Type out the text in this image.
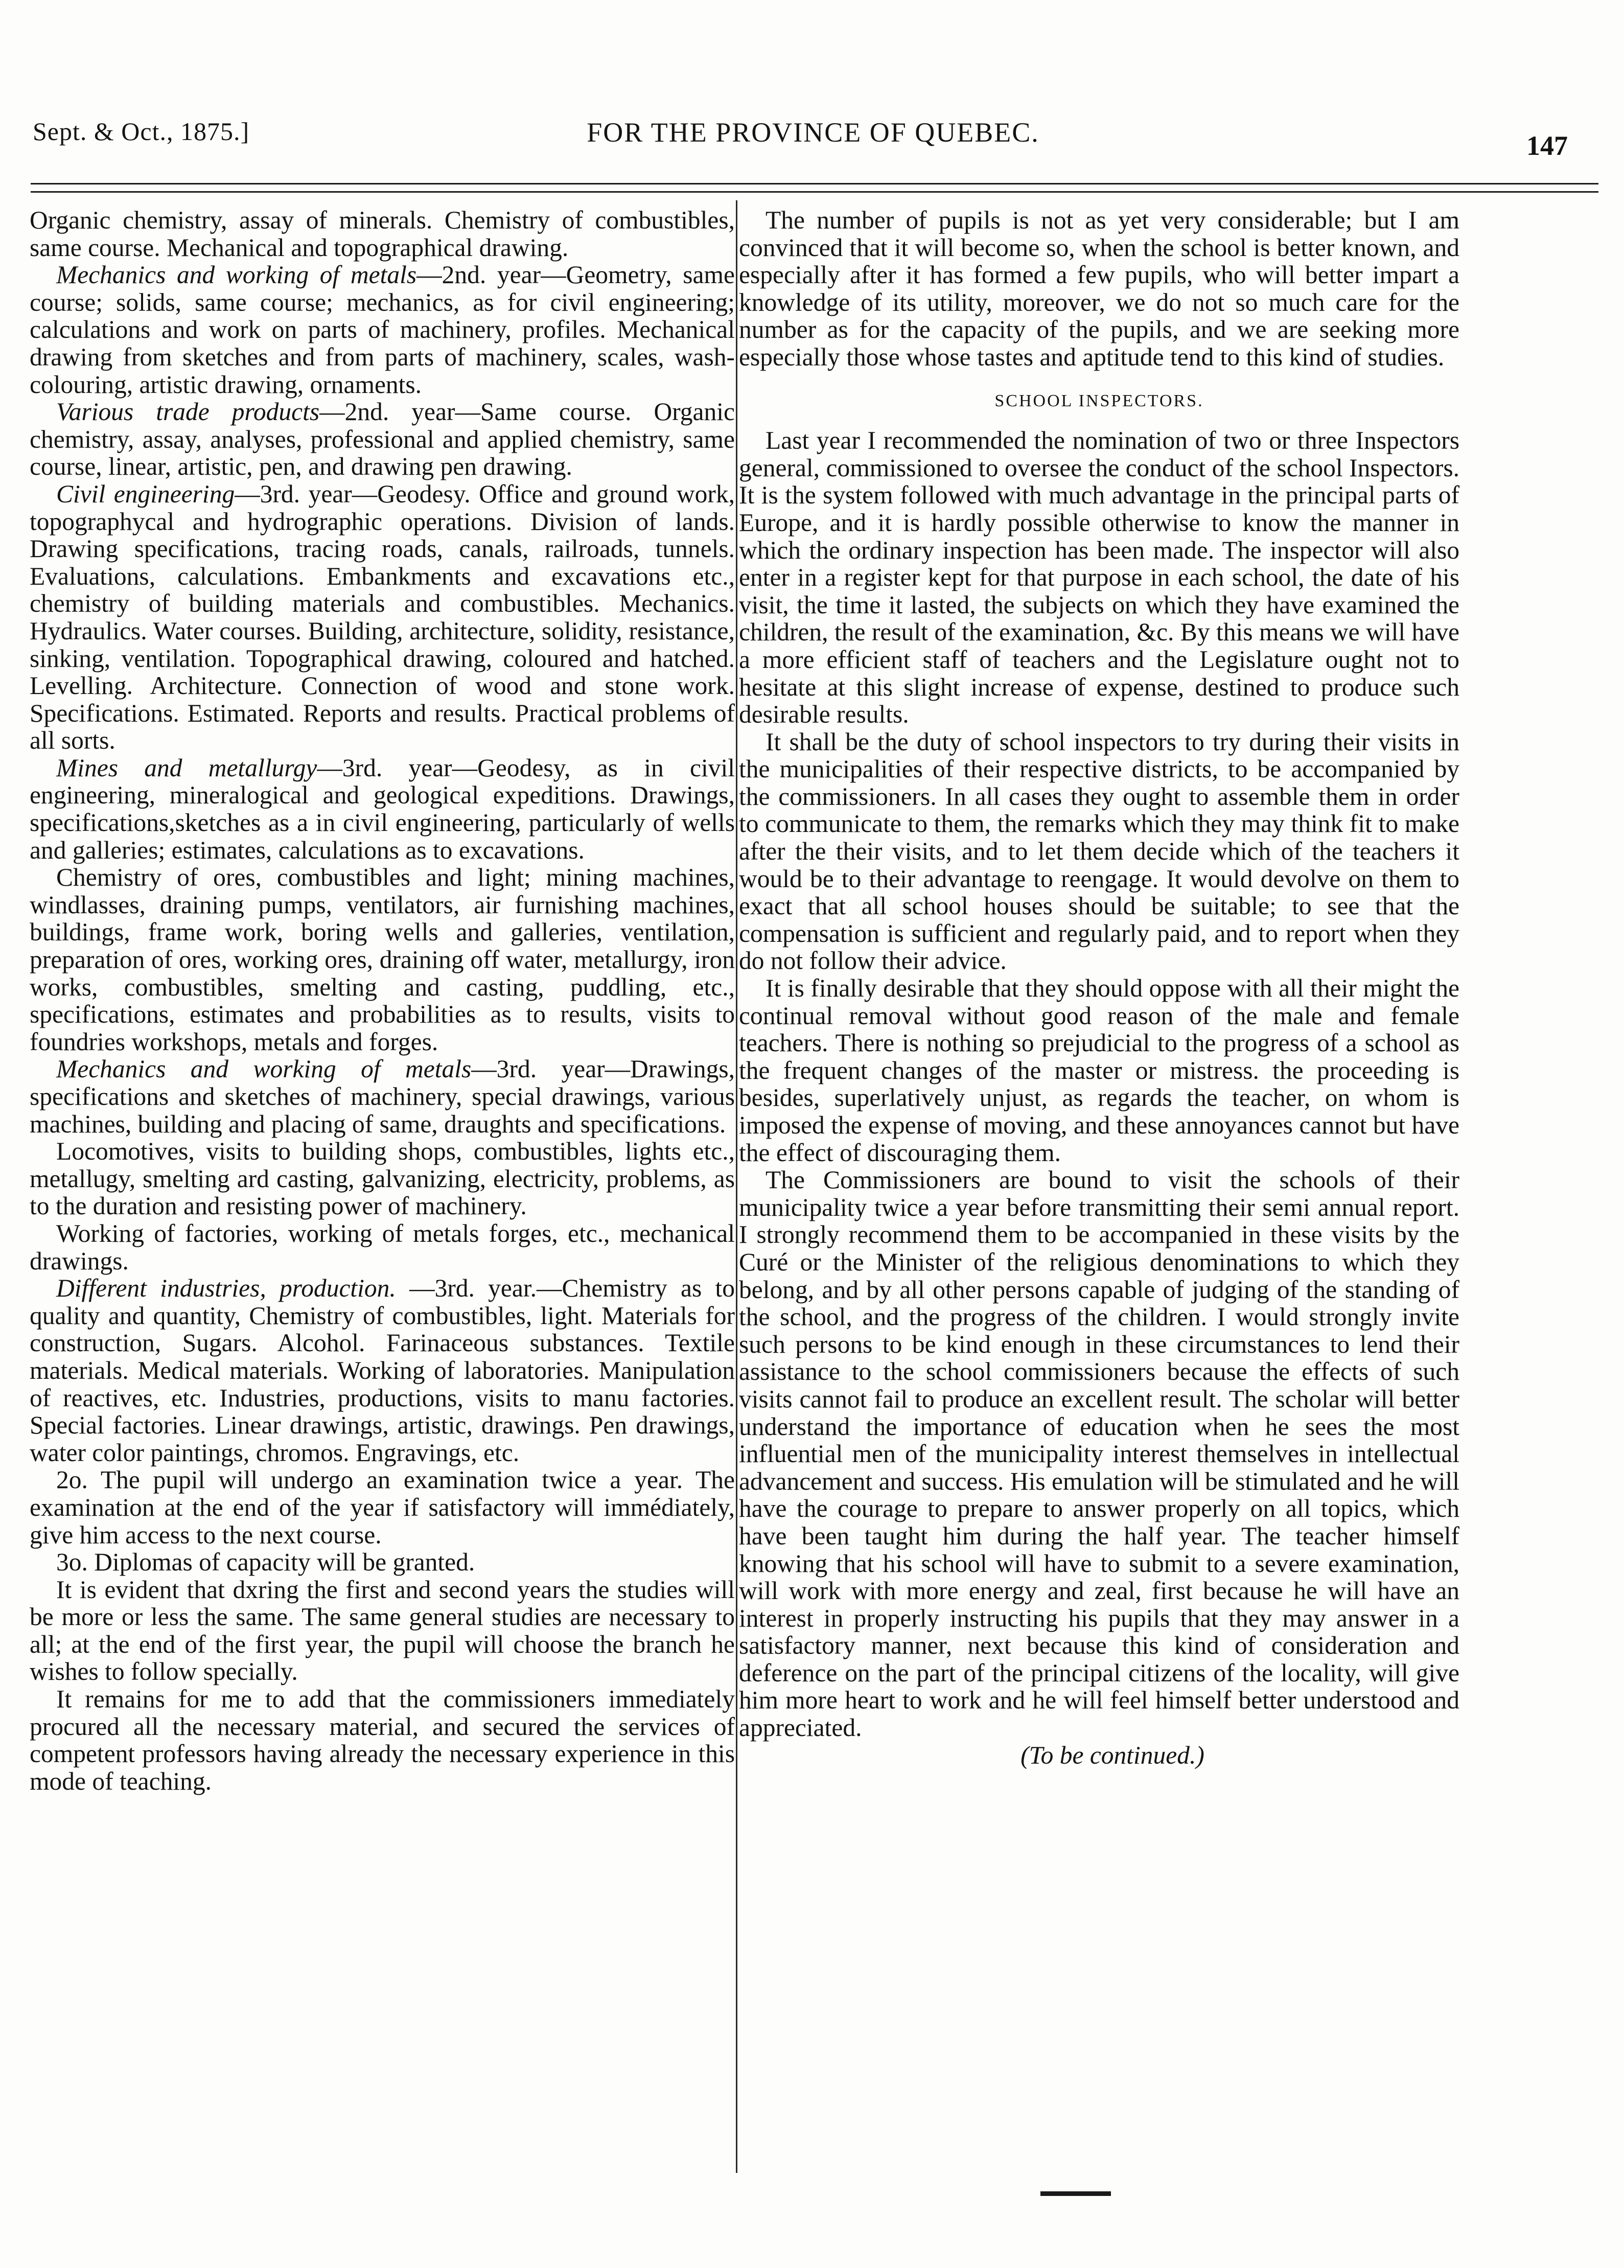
Sept. & Oct., 1875.]	FOR THE PROVINCE OF QUEBEC.	147

Organic chemistry, assay of minerals. Chemistry of combustibles, same course. Mechanical and topographical drawing.

Mechanics and working of metals—2nd. year—Geometry, same course; solids, same course; mechanics, as for civil engineering; calculations and work on parts of machinery, profiles. Mechanical drawing from sketches and from parts of machinery, scales, wash-colouring, artistic drawing, ornaments.

Various trade products—2nd. year—Same course. Organic chemistry, assay, analyses, professional and applied chemistry, same course, linear, artistic, pen, and drawing pen drawing.

Civil engineering—3rd. year—Geodesy. Office and ground work, topographycal and hydrographic operations. Division of lands. Drawing specifications, tracing roads, canals, railroads, tunnels. Evaluations, calculations. Embankments and excavations etc., chemistry of building materials and combustibles. Mechanics. Hydraulics. Water courses. Building, architecture, solidity, resistance, sinking, ventilation. Topographical drawing, coloured and hatched. Levelling. Architecture. Connection of wood and stone work. Specifications. Estimated. Reports and results. Practical problems of all sorts.

Mines and metallurgy—3rd. year—Geodesy, as in civil engineering, mineralogical and geological expeditions. Drawings, specifications,sketches as a in civil engineering, particularly of wells and galleries; estimates, calculations as to excavations.

Chemistry of ores, combustibles and light; mining machines, windlasses, draining pumps, ventilators, air furnishing machines, buildings, frame work, boring wells and galleries, ventilation, preparation of ores, working ores, draining off water, metallurgy, iron works, combustibles, smelting and casting, puddling, etc., specifications, estimates and probabilities as to results, visits to foundries workshops, metals and forges.

Mechanics and working of metals—3rd. year—Drawings, specifications and sketches of machinery, special drawings, various machines, building and placing of same, draughts and specifications.

Locomotives, visits to building shops, combustibles, lights etc., metallugy, smelting ard casting, galvanizing, electricity, problems, as to the duration and resisting power of machinery.

Working of factories, working of metals forges, etc., mechanical drawings.

Different industries, production. —3rd. year.—Chemistry as to quality and quantity, Chemistry of combustibles, light. Materials for construction, Sugars. Alcohol. Farinaceous substances. Textile materials. Medical materials. Working of laboratories. Manipulation of reactives, etc. Industries, productions, visits to manu factories. Special factories. Linear drawings, artistic, drawings. Pen drawings, water color paintings, chromos. Engravings, etc.

2o. The pupil will undergo an examination twice a year. The examination at the end of the year if satisfactory will immédiately, give him access to the next course.

3o. Diplomas of capacity will be granted.

It is evident that dxring the first and second years the studies will be more or less the same. The same general studies are necessary to all; at the end of the first year, the pupil will choose the branch he wishes to follow specially.

It remains for me to add that the commissioners immediately procured all the necessary material, and secured the services of competent professors having already the necessary experience in this mode of teaching.

The number of pupils is not as yet very considerable; but I am convinced that it will become so, when the school is better known, and especially after it has formed a few pupils, who will better impart a knowledge of its utility, moreover, we do not so much care for the number as for the capacity of the pupils, and we are seeking more especially those whose tastes and aptitude tend to this kind of studies.

SCHOOL INSPECTORS.

Last year I recommended the nomination of two or three Inspectors general, commissioned to oversee the conduct of the school Inspectors. It is the system followed with much advantage in the principal parts of Europe, and it is hardly possible otherwise to know the manner in which the ordinary inspection has been made. The inspector will also enter in a register kept for that purpose in each school, the date of his visit, the time it lasted, the subjects on which they have examined the children, the result of the examination, &c. By this means we will have a more efficient staff of teachers and the Legislature ought not to hesitate at this slight increase of expense, destined to produce such desirable results.

It shall be the duty of school inspectors to try during their visits in the municipalities of their respective districts, to be accompanied by the commissioners. In all cases they ought to assemble them in order to communicate to them, the remarks which they may think fit to make after the their visits, and to let them decide which of the teachers it would be to their advantage to reengage. It would devolve on them to exact that all school houses should be suitable; to see that the compensation is sufficient and regularly paid, and to report when they do not follow their advice.

It is finally desirable that they should oppose with all their might the continual removal without good reason of the male and female teachers. There is nothing so prejudicial to the progress of a school as the frequent changes of the master or mistress. the proceeding is besides, superlatively unjust, as regards the teacher, on whom is imposed the expense of moving, and these annoyances cannot but have the effect of discouraging them.

The Commissioners are bound to visit the schools of their municipality twice a year before transmitting their semi annual report. I strongly recommend them to be accompanied in these visits by the Curé or the Minister of the religious denominations to which they belong, and by all other persons capable of judging of the standing of the school, and the progress of the children. I would strongly invite such persons to be kind enough in these circumstances to lend their assistance to the school commissioners because the effects of such visits cannot fail to produce an excellent result. The scholar will better understand the importance of education when he sees the most influential men of the municipality interest themselves in intellectual advancement and success. His emulation will be stimulated and he will have the courage to prepare to answer properly on all topics, which have been taught him during the half year. The teacher himself knowing that his school will have to submit to a severe examination, will work with more energy and zeal, first because he will have an interest in properly instructing his pupils that they may answer in a satisfactory manner, next because this kind of consideration and deference on the part of the principal citizens of the locality, will give him more heart to work and he will feel himself better understood and appreciated.

(To be continued.)
